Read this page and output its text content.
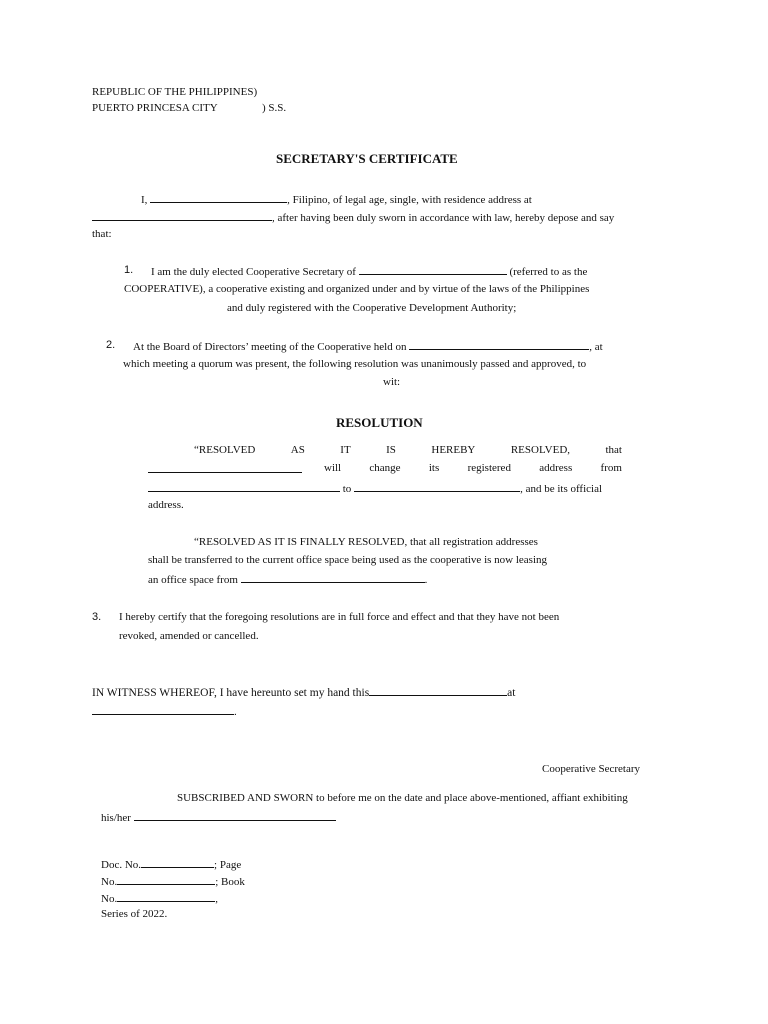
REPUBLIC OF THE PHILIPPINES)
PUERTO PRINCESA CITY	) S.S.
SECRETARY'S CERTIFICATE
I,	, Filipino, of legal age, single, with residence address at
, after having been duly sworn in accordance with law, hereby depose and say
that:
1. I am the duly elected Cooperative Secretary of	(referred to as the
COOPERATIVE), a cooperative existing and organized under and by virtue of the laws of the Philippines
and duly registered with the Cooperative Development Authority;
2. At the Board of Directors’ meeting of the Cooperative held on	, at
which meeting a quorum was present, the following resolution was unanimously passed and approved, to
wit:
RESOLUTION
“RESOLVED	AS	IT	IS	HEREBY	RESOLVED,	that
will	change	its	registered	address	from
to	, and be its official
address.
“RESOLVED AS IT IS FINALLY RESOLVED, that all registration addresses
shall be transferred to the current office space being used as the cooperative is now leasing
an office space from	.
3. I hereby certify that the foregoing resolutions are in full force and effect and that they have not been
revoked, amended or cancelled.
IN WITNESS WHEREOF, I have hereunto set my hand this	at
.
Cooperative Secretary
SUBSCRIBED AND SWORN to before me on the date and place above-mentioned, affiant exhibiting
his/her
Doc. No.	; Page
No.	; Book
No.	,
Series of 2022.
